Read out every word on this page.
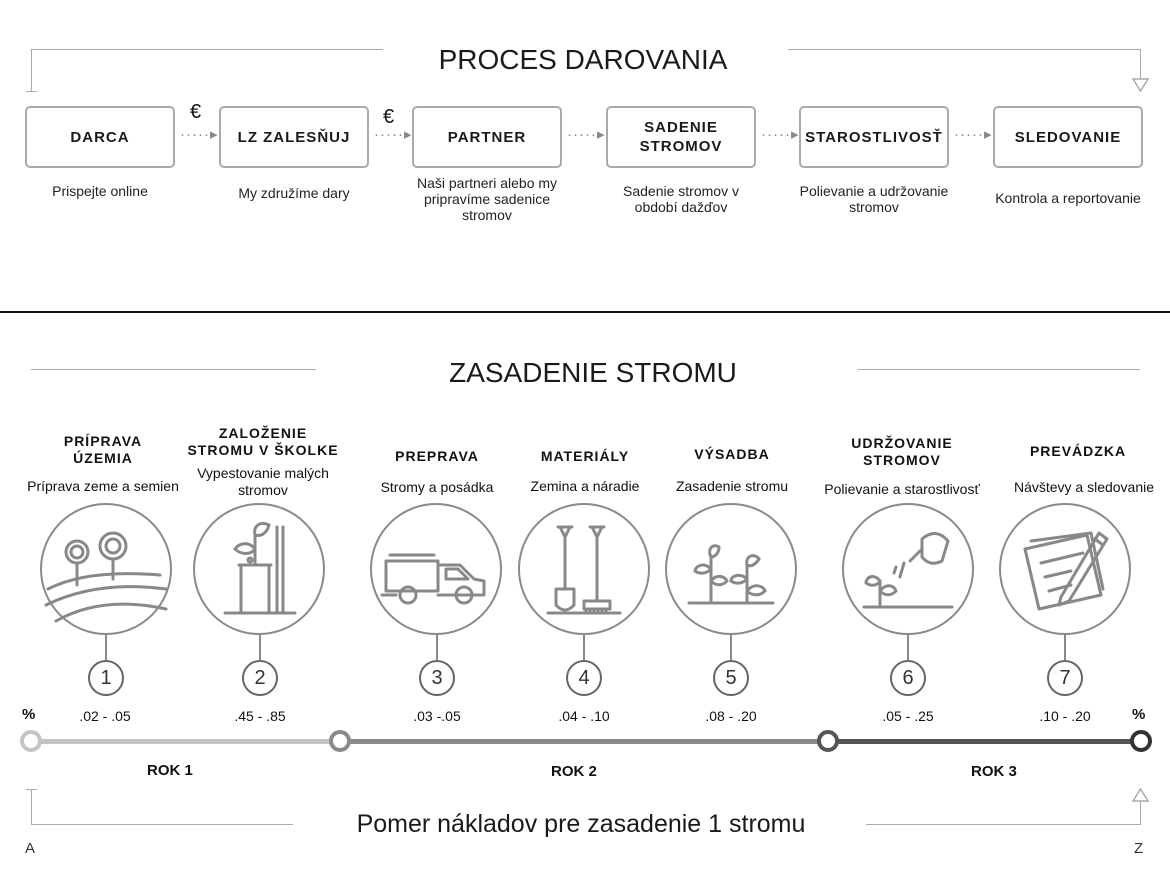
PROCES DAROVANIA
DARCA	LZ ZALESŇUJ	PARTNER
SADENIE STROMOV
STAROSTLIVOSŤ	SLEDOVANIE
·····▸	·····▸	·····▸	·····▸	·····▸
€	€
Prispejte online	My združíme dary
Naši partneri alebo my pripravíme sadenice stromov
Sadenie stromov v období dažďov
Polievanie a udržovanie stromov
Kontrola a reportovanie
ZASADENIE STROMU
PRÍPRAVA ÚZEMIA
ZALOŽENIE STROMU V ŠKOLKE	PREPRAVA	MATERIÁLY	VÝSADBA
UDRŽOVANIE STROMOV
PREVÁDZKA
Príprava zeme a semien
Vypestovanie malých stromov	Stromy a posádka	Zemina a náradie	Zasadenie stromu	Polievanie a starostlivosť	Návštevy a sledovanie
1	2	3	4	5	6	7
%	%
.02 - .05	.45 - .85	.03 -.05	.04 - .10	.08 - .20	.05 - .25	.10 - .20
ROK 1	ROK 2	ROK 3
Pomer nákladov pre zasadenie 1 stromu
A	Z
